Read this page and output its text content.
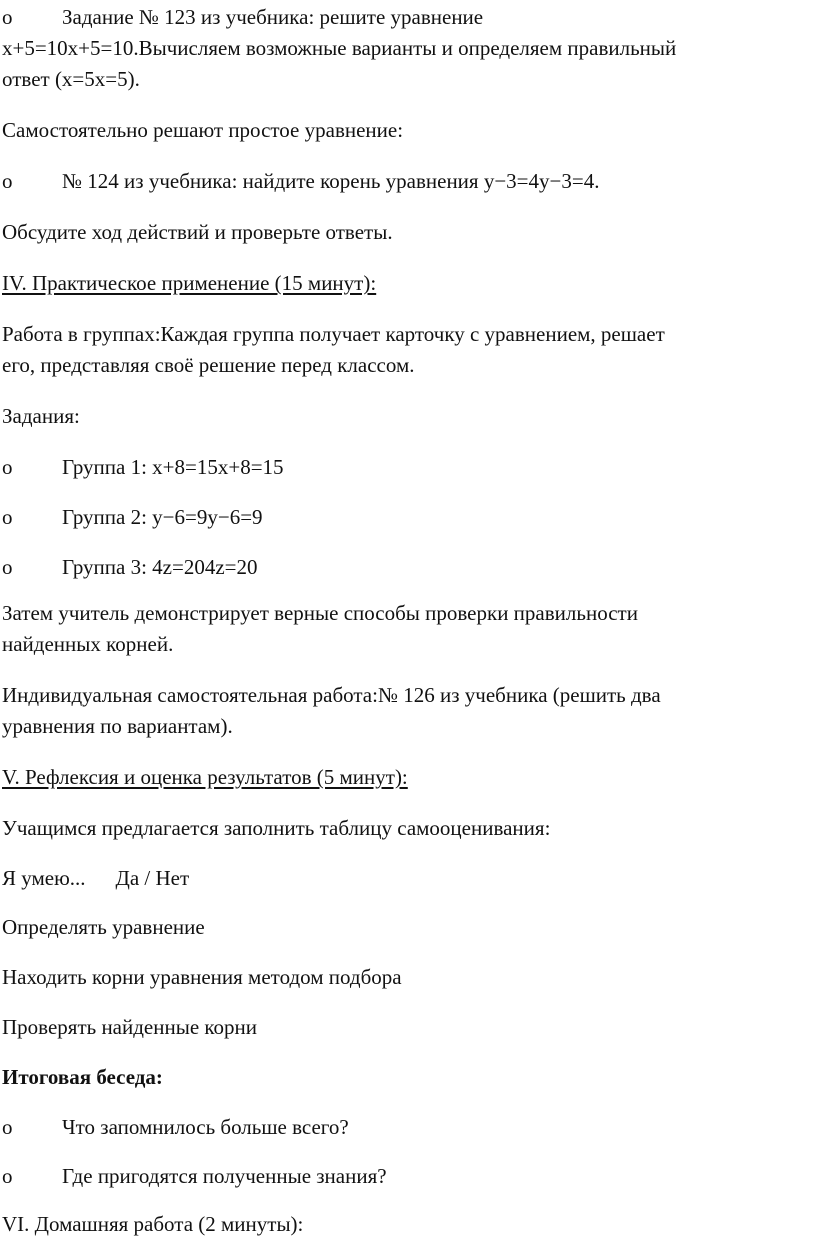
o Задание № 123 из учебника: решите уравнение

x+5=10x+5=10.Вычисляем возможные варианты и определяем правильный

ответ (x=5x=5).

Самостоятельно решают простое уравнение:

o № 124 из учебника: найдите корень уравнения y−3=4y−3=4.

Обсудите ход действий и проверьте ответы.

IV. Практическое применение (15 минут):

Работа в группах:Каждая группа получает карточку с уравнением, решает

его, представляя своё решение перед классом.

Задания:

o Группа 1: x+8=15x+8=15

o Группа 2: y−6=9y−6=9

o Группа 3: 4z=204z=20

Затем учитель демонстрирует верные способы проверки правильности

найденных корней.

Индивидуальная самостоятельная работа:№ 126 из учебника (решить два

уравнения по вариантам).

V. Рефлексия и оценка результатов (5 минут):

Учащимся предлагается заполнить таблицу самооценивания:

Я умею... Да / Нет

Определять уравнение

Находить корни уравнения методом подбора

Проверять найденные корни

Итоговая беседа:

o Что запомнилось больше всего?

o Где пригодятся полученные знания?

VI. Домашняя работа (2 минуты):
